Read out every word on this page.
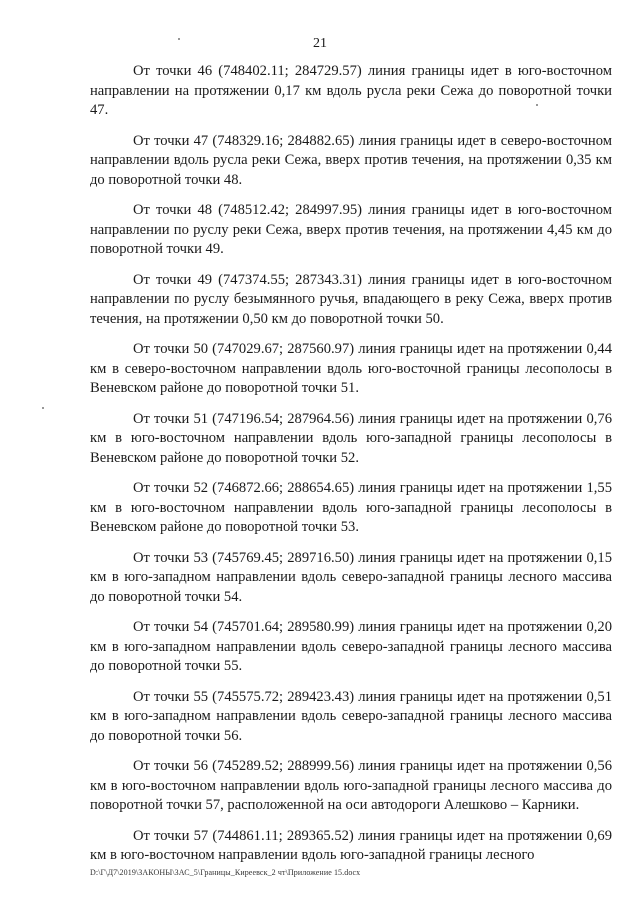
21

От точки 46 (748402.11; 284729.57) линия границы идет в юго-восточном направлении на протяжении 0,17 км вдоль русла реки Сежа до поворотной точки 47.

От точки 47 (748329.16; 284882.65) линия границы идет в северо-восточном направлении вдоль русла реки Сежа, вверх против течения, на протяжении 0,35 км до поворотной точки 48.

От точки 48 (748512.42; 284997.95) линия границы идет в юго-восточном направлении по руслу реки Сежа, вверх против течения, на протяжении 4,45 км до поворотной точки 49.

От точки 49 (747374.55; 287343.31) линия границы идет в юго-восточном направлении по руслу безымянного ручья, впадающего в реку Сежа, вверх против течения, на протяжении 0,50 км до поворотной точки 50.

От точки 50 (747029.67; 287560.97) линия границы идет на протяжении 0,44 км в северо-восточном направлении вдоль юго-восточной границы лесополосы в Веневском районе до поворотной точки 51.

От точки 51 (747196.54; 287964.56) линия границы идет на протяжении 0,76 км в юго-восточном направлении вдоль юго-западной границы лесополосы в Веневском районе до поворотной точки 52.

От точки 52 (746872.66; 288654.65) линия границы идет на протяжении 1,55 км в юго-восточном направлении вдоль юго-западной границы лесополосы в Веневском районе до поворотной точки 53.

От точки 53 (745769.45; 289716.50) линия границы идет на протяжении 0,15 км в юго-западном направлении вдоль северо-западной границы лесного массива до поворотной точки 54.

От точки 54 (745701.64; 289580.99) линия границы идет на протяжении 0,20 км в юго-западном направлении вдоль северо-западной границы лесного массива до поворотной точки 55.

От точки 55 (745575.72; 289423.43) линия границы идет на протяжении 0,51 км в юго-западном направлении вдоль северо-западной границы лесного массива до поворотной точки 56.

От точки 56 (745289.52; 288999.56) линия границы идет на протяжении 0,56 км в юго-восточном направлении вдоль юго-западной границы лесного массива до поворотной точки 57, расположенной на оси автодороги Алешково – Карники.

От точки 57 (744861.11; 289365.52) линия границы идет на протяжении 0,69 км в юго-восточном направлении вдоль юго-западной границы лесного

D:\Г\Д7\2019\ЗАКОНЫ\ЗАС_5\Границы_Киреевск_2 чт\Приложение 15.docx
